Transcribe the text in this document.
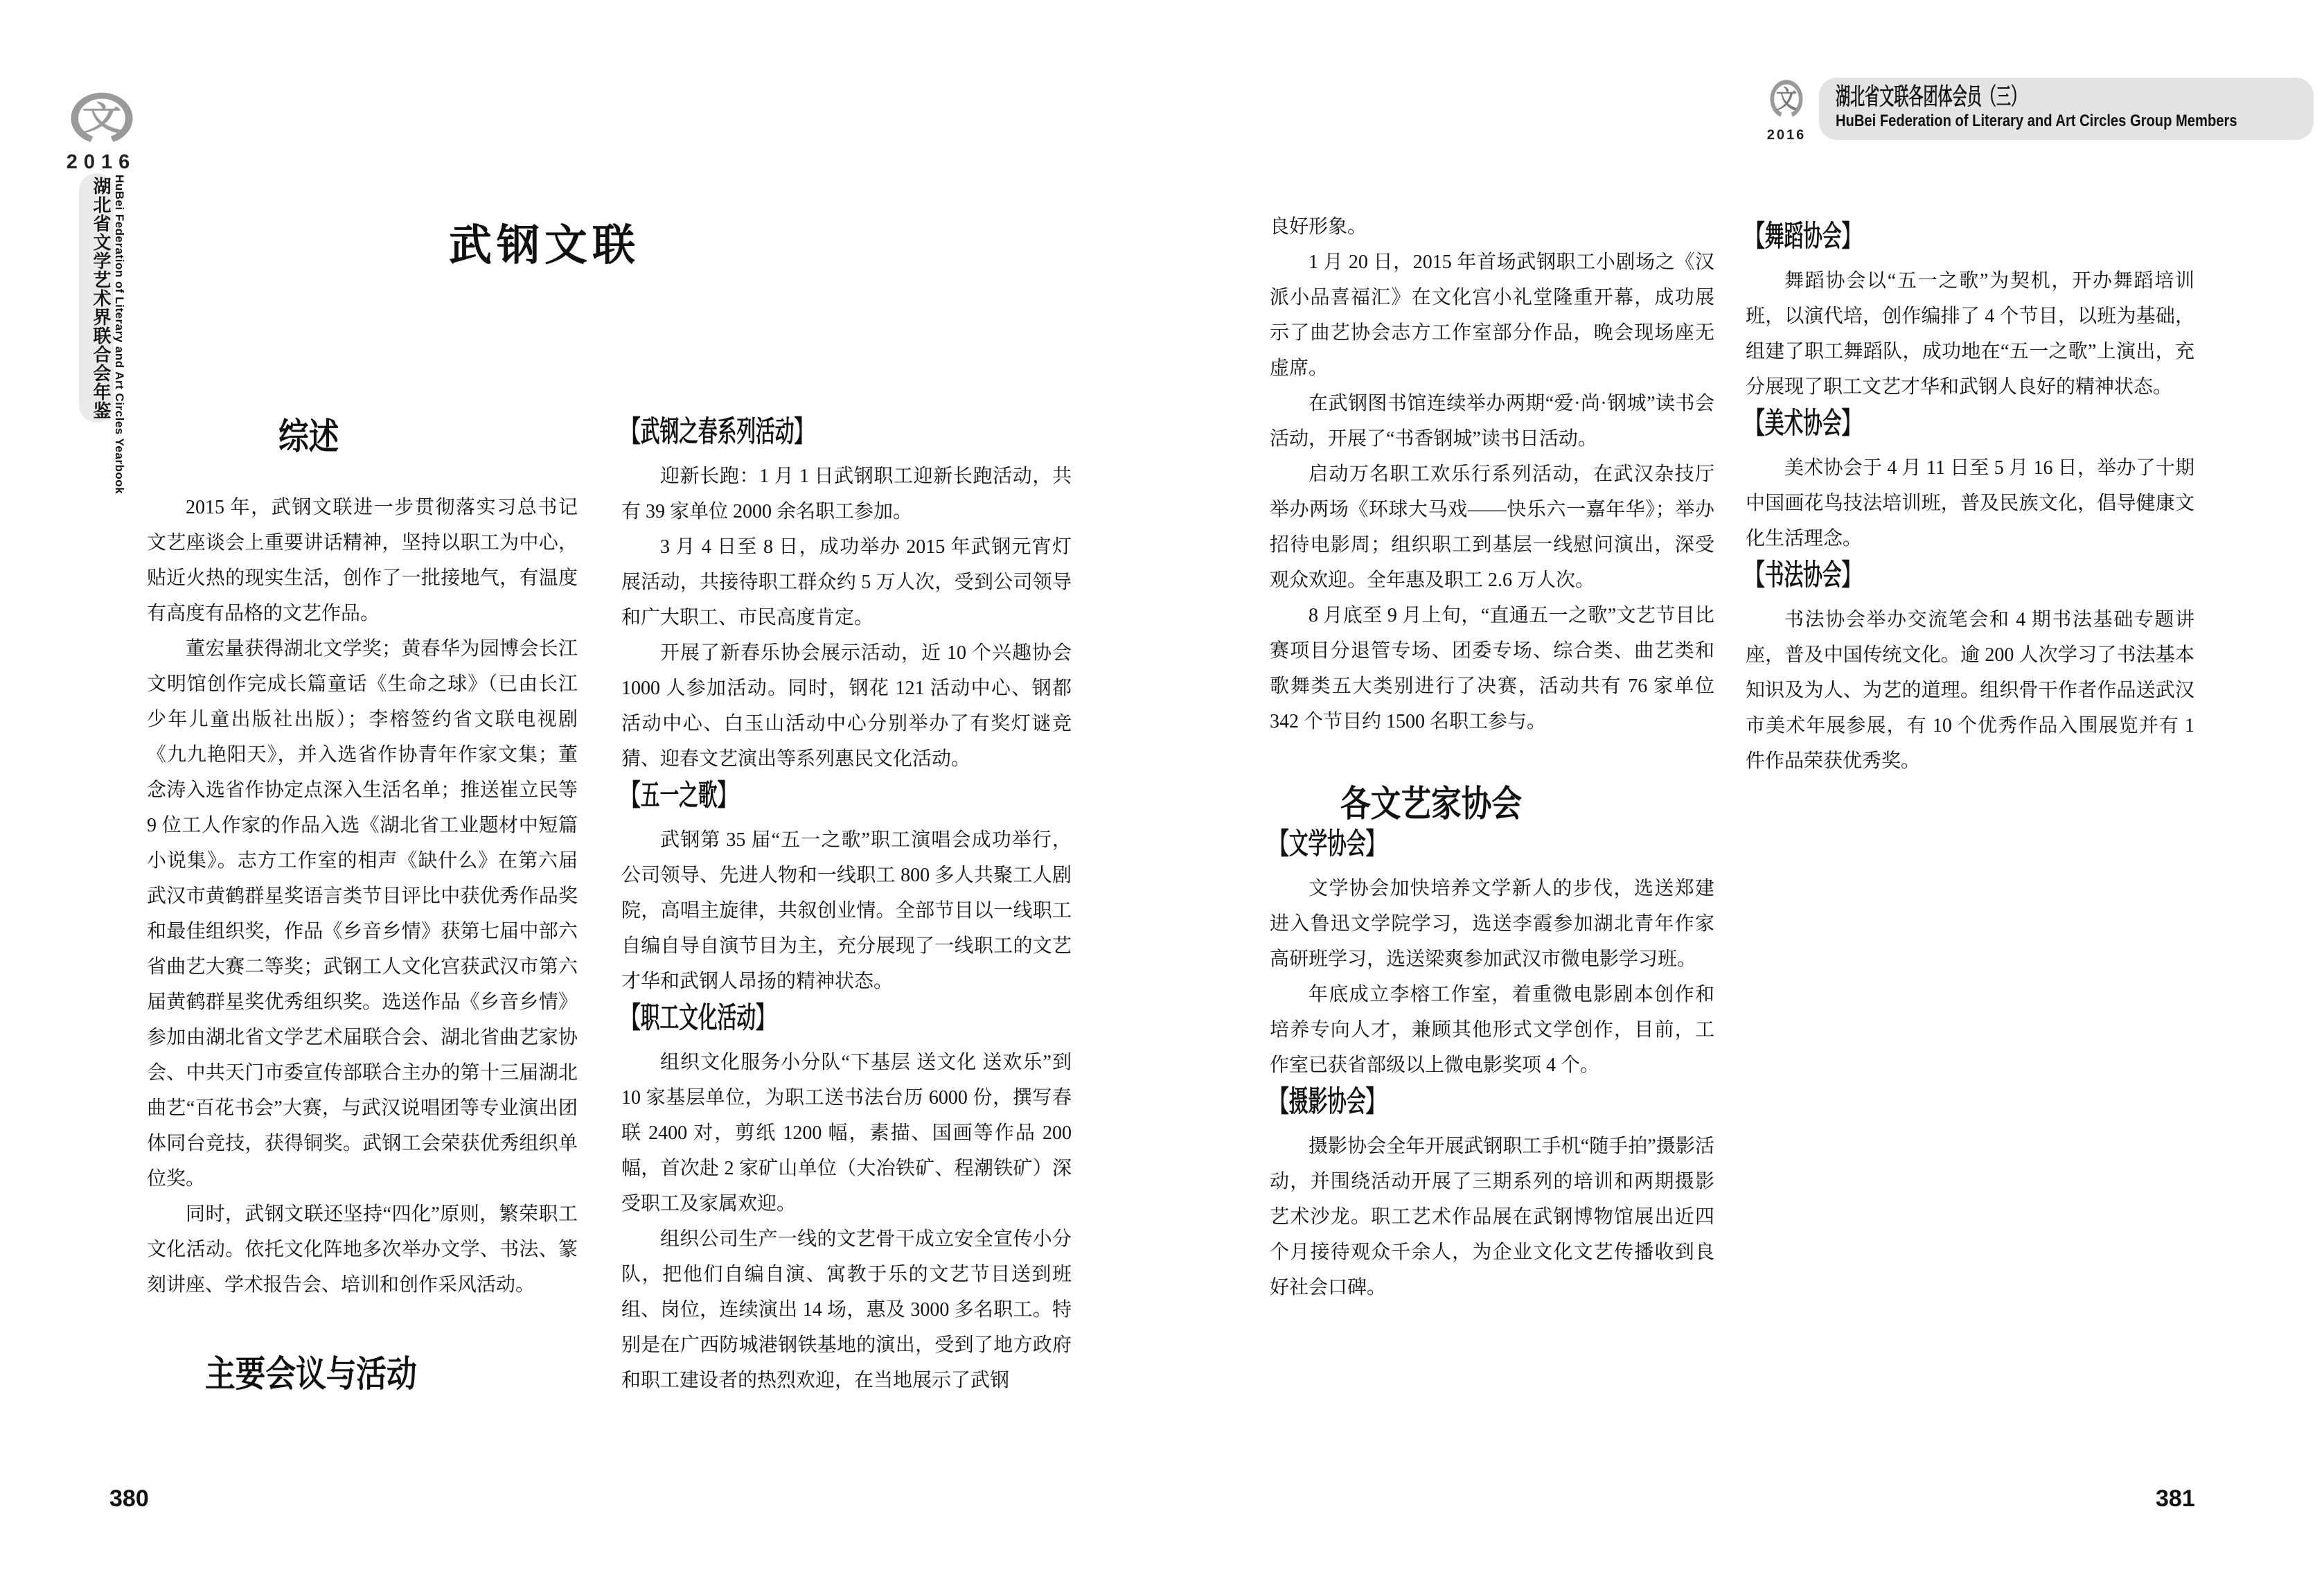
文
2016
湖北省文学艺术界联合会年鉴 HuBei Federation of Literary and Art Circles Yearbook
文
2016
湖北省文联各团体会员（三）
HuBei Federation of Literary and Art Circles Group Members
武钢文联
综述

2015 年，武钢文联进一步贯彻落实习总书记文艺座谈会上重要讲话精神，坚持以职工为中心，贴近火热的现实生活，创作了一批接地气，有温度有高度有品格的文艺作品。

董宏量获得湖北文学奖；黄春华为园博会长江文明馆创作完成长篇童话《生命之球》（已由长江少年儿童出版社出版）；李榕签约省文联电视剧《九九艳阳天》，并入选省作协青年作家文集；董念涛入选省作协定点深入生活名单；推送崔立民等 9 位工人作家的作品入选《湖北省工业题材中短篇小说集》。志方工作室的相声《缺什么》在第六届武汉市黄鹤群星奖语言类节目评比中获优秀作品奖和最佳组织奖，作品《乡音乡情》获第七届中部六省曲艺大赛二等奖；武钢工人文化宫获武汉市第六届黄鹤群星奖优秀组织奖。选送作品《乡音乡情》参加由湖北省文学艺术届联合会、湖北省曲艺家协会、中共天门市委宣传部联合主办的第十三届湖北曲艺“百花书会”大赛，与武汉说唱团等专业演出团体同台竞技，获得铜奖。武钢工会荣获优秀组织单位奖。

同时，武钢文联还坚持“四化”原则，繁荣职工文化活动。依托文化阵地多次举办文学、书法、篆刻讲座、学术报告会、培训和创作采风活动。

主要会议与活动
【武钢之春系列活动】

迎新长跑：1 月 1 日武钢职工迎新长跑活动，共有 39 家单位 2000 余名职工参加。

3 月 4 日至 8 日，成功举办 2015 年武钢元宵灯展活动，共接待职工群众约 5 万人次，受到公司领导和广大职工、市民高度肯定。

开展了新春乐协会展示活动，近 10 个兴趣协会 1000 人参加活动。同时，钢花 121 活动中心、钢都活动中心、白玉山活动中心分别举办了有奖灯谜竞猜、迎春文艺演出等系列惠民文化活动。

【五一之歌】

武钢第 35 届“五一之歌”职工演唱会成功举行，公司领导、先进人物和一线职工 800 多人共聚工人剧院，高唱主旋律，共叙创业情。全部节目以一线职工自编自导自演节目为主，充分展现了一线职工的文艺才华和武钢人昂扬的精神状态。

【职工文化活动】

组织文化服务小分队“下基层 送文化 送欢乐”到 10 家基层单位，为职工送书法台历 6000 份，撰写春联 2400 对，剪纸 1200 幅，素描、国画等作品 200 幅，首次赴 2 家矿山单位（大冶铁矿、程潮铁矿）深受职工及家属欢迎。

组织公司生产一线的文艺骨干成立安全宣传小分队，把他们自编自演、寓教于乐的文艺节目送到班组、岗位，连续演出 14 场，惠及 3000 多名职工。特别是在广西防城港钢铁基地的演出，受到了地方政府和职工建设者的热烈欢迎，在当地展示了武钢

良好形象。

1 月 20 日，2015 年首场武钢职工小剧场之《汉派小品喜福汇》在文化宫小礼堂隆重开幕，成功展示了曲艺协会志方工作室部分作品，晚会现场座无虚席。

在武钢图书馆连续举办两期“爱·尚·钢城”读书会活动，开展了“书香钢城”读书日活动。

启动万名职工欢乐行系列活动，在武汉杂技厅举办两场《环球大马戏——快乐六一嘉年华》；举办招待电影周；组织职工到基层一线慰问演出，深受观众欢迎。全年惠及职工 2.6 万人次。

8 月底至 9 月上旬，“直通五一之歌”文艺节目比赛项目分退管专场、团委专场、综合类、曲艺类和歌舞类五大类别进行了决赛，活动共有 76 家单位 342 个节目约 1500 名职工参与。

各文艺家协会
【文学协会】

文学协会加快培养文学新人的步伐，选送郑建进入鲁迅文学院学习，选送李霞参加湖北青年作家高研班学习，选送梁爽参加武汉市微电影学习班。

年底成立李榕工作室，着重微电影剧本创作和培养专向人才，兼顾其他形式文学创作，目前，工作室已获省部级以上微电影奖项 4 个。

【摄影协会】

摄影协会全年开展武钢职工手机“随手拍”摄影活动，并围绕活动开展了三期系列的培训和两期摄影艺术沙龙。职工艺术作品展在武钢博物馆展出近四个月接待观众千余人，为企业文化文艺传播收到良好社会口碑。

【舞蹈协会】

舞蹈协会以“五一之歌”为契机，开办舞蹈培训班，以演代培，创作编排了 4 个节目，以班为基础，组建了职工舞蹈队，成功地在“五一之歌”上演出，充分展现了职工文艺才华和武钢人良好的精神状态。

【美术协会】

美术协会于 4 月 11 日至 5 月 16 日，举办了十期中国画花鸟技法培训班，普及民族文化，倡导健康文化生活理念。

【书法协会】

书法协会举办交流笔会和 4 期书法基础专题讲座，普及中国传统文化。逾 200 人次学习了书法基本知识及为人、为艺的道理。组织骨干作者作品送武汉市美术年展参展，有 10 个优秀作品入围展览并有 1 件作品荣获优秀奖。

380	381
